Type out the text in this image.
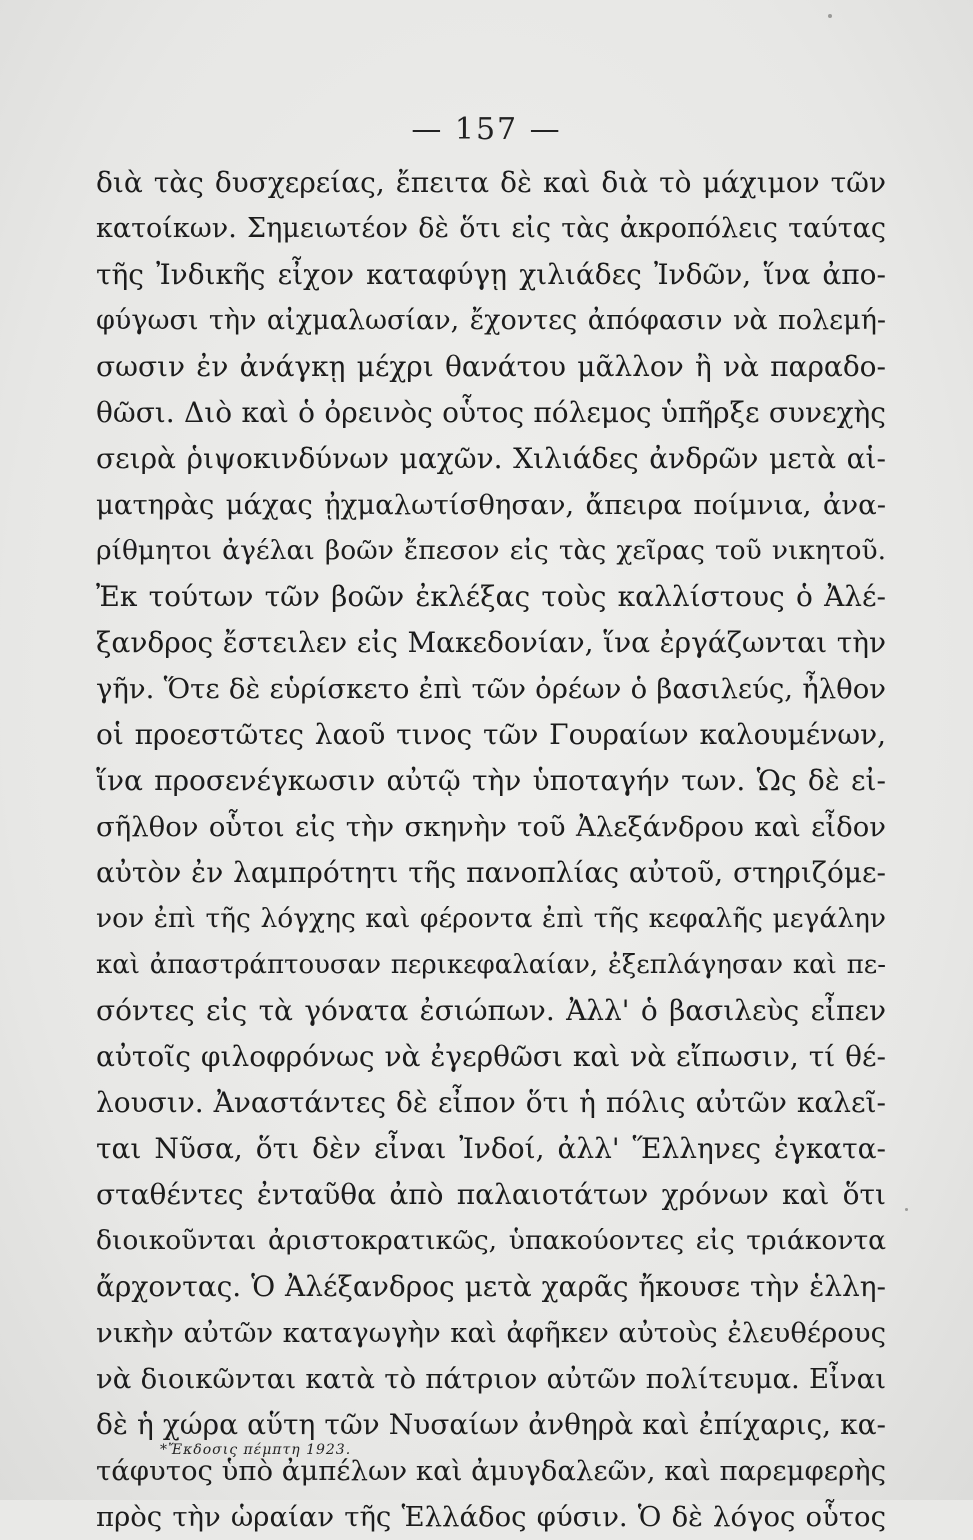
— 157 —
διὰ τὰς δυσχερείας, ἔπειτα δὲ καὶ διὰ τὸ μάχιμον τῶν
κατοίκων. Σημειωτέον δὲ ὅτι εἰς τὰς ἀκροπόλεις ταύτας
τῆς Ἰνδικῆς εἶχον καταφύγῃ χιλιάδες Ἰνδῶν, ἵνα ἀπο-
φύγωσι τὴν αἰχμαλωσίαν, ἔχοντες ἀπόφασιν νὰ πολεμή-
σωσιν ἐν ἀνάγκῃ μέχρι θανάτου μᾶλλον ἢ νὰ παραδο-
θῶσι. Διὸ καὶ ὁ ὀρεινὸς οὗτος πόλεμος ὑπῆρξε συνεχὴς
σειρὰ ῥιψοκινδύνων μαχῶν. Χιλιάδες ἀνδρῶν μετὰ αἱ-
ματηρὰς μάχας ᾐχμαλωτίσθησαν, ἄπειρα ποίμνια, ἀνα-
ρίθμητοι ἀγέλαι βοῶν ἔπεσον εἰς τὰς χεῖρας τοῦ νικητοῦ.
Ἐκ τούτων τῶν βοῶν ἐκλέξας τοὺς καλλίστους ὁ Ἀλέ-
ξανδρος ἔστειλεν εἰς Μακεδονίαν, ἵνα ἐργάζωνται τὴν
γῆν. Ὅτε δὲ εὑρίσκετο ἐπὶ τῶν ὀρέων ὁ βασιλεύς, ἦλθον
οἱ προεστῶτες λαοῦ τινος τῶν Γουραίων καλουμένων,
ἵνα προσενέγκωσιν αὐτῷ τὴν ὑποταγήν των. Ὡς δὲ εἰ-
σῆλθον οὗτοι εἰς τὴν σκηνὴν τοῦ Ἀλεξάνδρου καὶ εἶδον
αὐτὸν ἐν λαμπρότητι τῆς πανοπλίας αὐτοῦ, στηριζόμε-
νον ἐπὶ τῆς λόγχης καὶ φέροντα ἐπὶ τῆς κεφαλῆς μεγάλην
καὶ ἀπαστράπτουσαν περικεφαλαίαν, ἐξεπλάγησαν καὶ πε-
σόντες εἰς τὰ γόνατα ἐσιώπων. Ἀλλ' ὁ βασιλεὺς εἶπεν
αὐτοῖς φιλοφρόνως νὰ ἐγερθῶσι καὶ νὰ εἴπωσιν, τί θέ-
λουσιν. Ἀναστάντες δὲ εἶπον ὅτι ἡ πόλις αὐτῶν καλεῖ-
ται Νῦσα, ὅτι δὲν εἶναι Ἰνδοί, ἀλλ' Ἕλληνες ἐγκατα-
σταθέντες ἐνταῦθα ἀπὸ παλαιοτάτων χρόνων καὶ ὅτι
διοικοῦνται ἀριστοκρατικῶς, ὑπακούοντες εἰς τριάκοντα
ἄρχοντας. Ὁ Ἀλέξανδρος μετὰ χαρᾶς ἤκουσε τὴν ἑλλη-
νικὴν αὐτῶν καταγωγὴν καὶ ἀφῆκεν αὐτοὺς ἐλευθέρους
νὰ διοικῶνται κατὰ τὸ πάτριον αὐτῶν πολίτευμα. Εἶναι
δὲ ἡ χώρα αὕτη τῶν Νυσαίων ἀνθηρὰ καὶ ἐπίχαρις, κα-
τάφυτος ὑπὸ ἀμπέλων καὶ ἀμυγδαλεῶν, καὶ παρεμφερὴς
πρὸς τὴν ὡραίαν τῆς Ἑλλάδος φύσιν. Ὁ δὲ λόγος οὗτος
*Ἔκδοσις πέμπτη 1923.
